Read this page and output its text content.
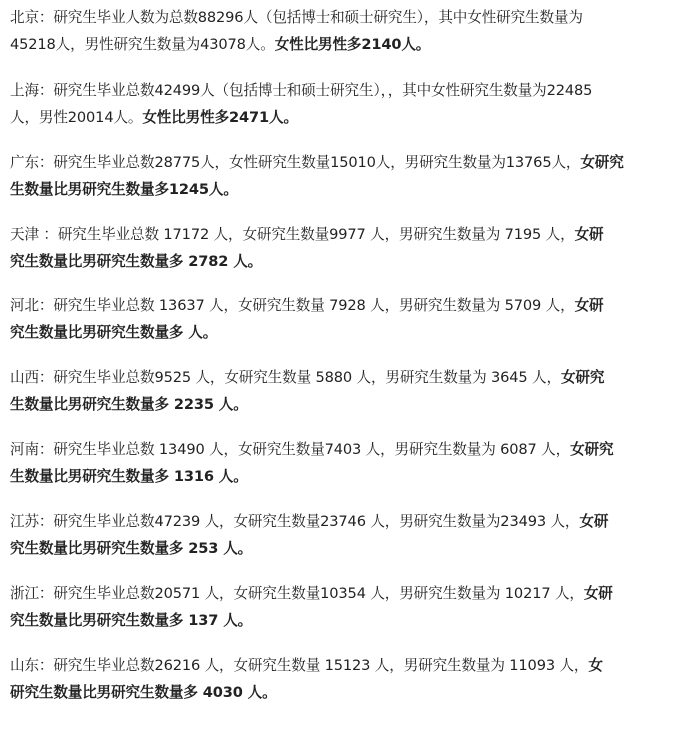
北京：研究生毕业人数为总数88296人（包括博士和硕士研究生），其中女性研究生数量为
45218人，男性研究生数量为43078人。女性比男性多2140人。

上海：研究生毕业总数42499人（包括博士和硕士研究生），，其中女性研究生数量为22485
人，男性20014人。女性比男性多2471人。

广东：研究生毕业总数28775人，女性研究生数量15010人，男研究生数量为13765人，女研究
生数量比男研究生数量多1245人。

天津 ：研究生毕业总数 17172 人，女研究生数量9977 人，男研究生数量为 7195 人，女研
究生数量比男研究生数量多 2782 人。

河北：研究生毕业总数 13637 人，女研究生数量 7928 人，男研究生数量为 5709 人，女研
究生数量比男研究生数量多 人。

山西：研究生毕业总数9525 人，女研究生数量 5880 人，男研究生数量为 3645 人，女研究
生数量比男研究生数量多 2235 人。

河南：研究生毕业总数 13490 人，女研究生数量7403 人，男研究生数量为 6087 人，女研究
生数量比男研究生数量多 1316 人。

江苏：研究生毕业总数47239 人，女研究生数量23746 人，男研究生数量为23493 人，女研
究生数量比男研究生数量多 253 人。

浙江：研究生毕业总数20571 人，女研究生数量10354 人，男研究生数量为 10217 人，女研
究生数量比男研究生数量多 137 人。

山东：研究生毕业总数26216 人，女研究生数量 15123 人，男研究生数量为 11093 人，女
研究生数量比男研究生数量多 4030 人。
